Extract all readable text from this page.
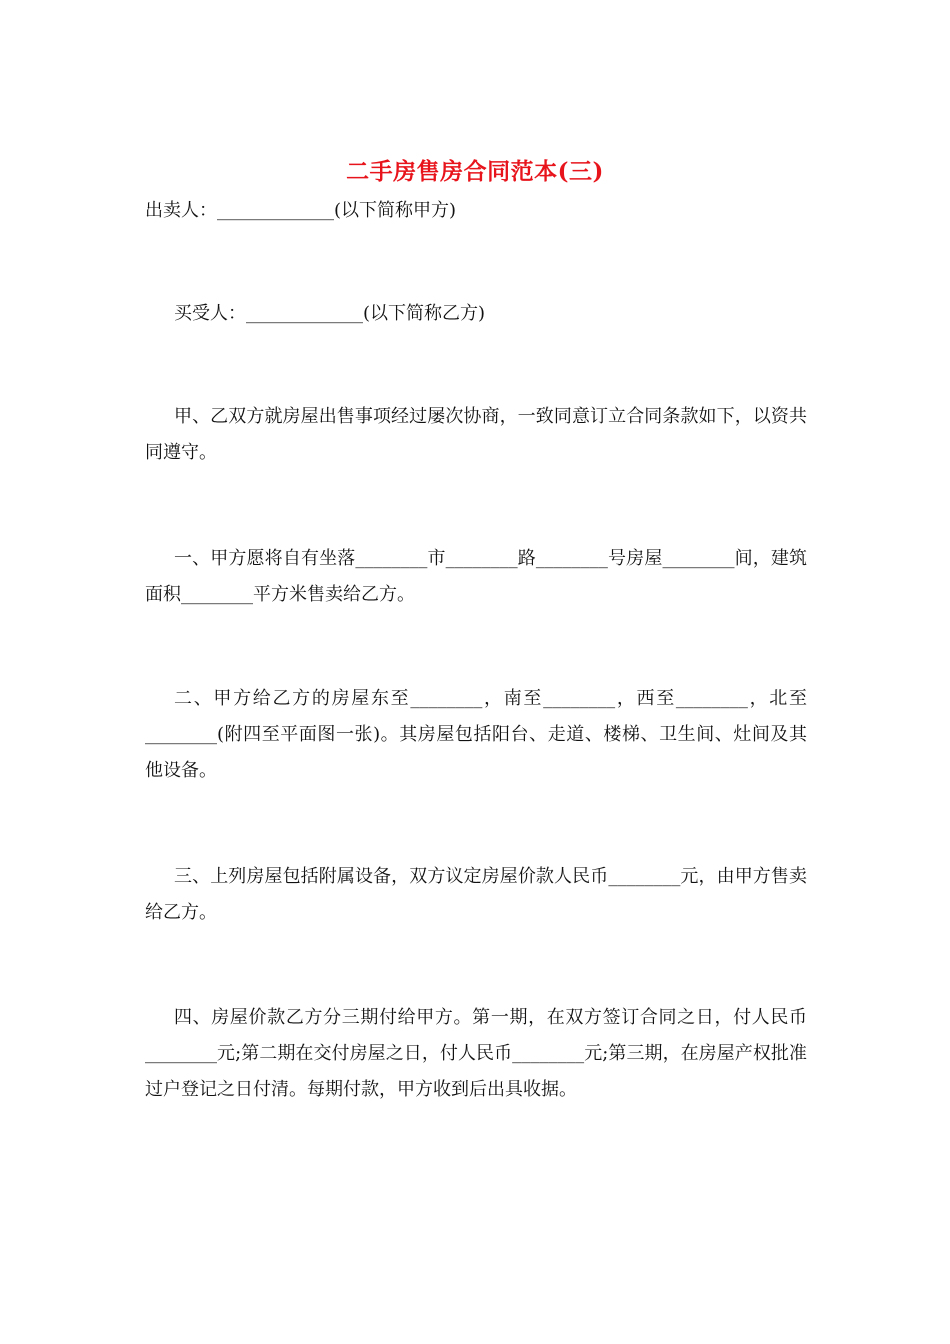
二手房售房合同范本(三)
出卖人：_____________(以下简称甲方)
买受人：_____________(以下简称乙方)
甲、乙双方就房屋出售事项经过屡次协商，一致同意订立合同条款如下，以资共同遵守。
一、甲方愿将自有坐落________市________路________号房屋________间，建筑面积________平方米售卖给乙方。
二、甲方给乙方的房屋东至________，南至________，西至________，北至________(附四至平面图一张)。其房屋包括阳台、走道、楼梯、卫生间、灶间及其他设备。
三、上列房屋包括附属设备，双方议定房屋价款人民币________元，由甲方售卖给乙方。
四、房屋价款乙方分三期付给甲方。第一期，在双方签订合同之日，付人民币________元;第二期在交付房屋之日，付人民币________元;第三期，在房屋产权批准过户登记之日付清。每期付款，甲方收到后出具收据。
